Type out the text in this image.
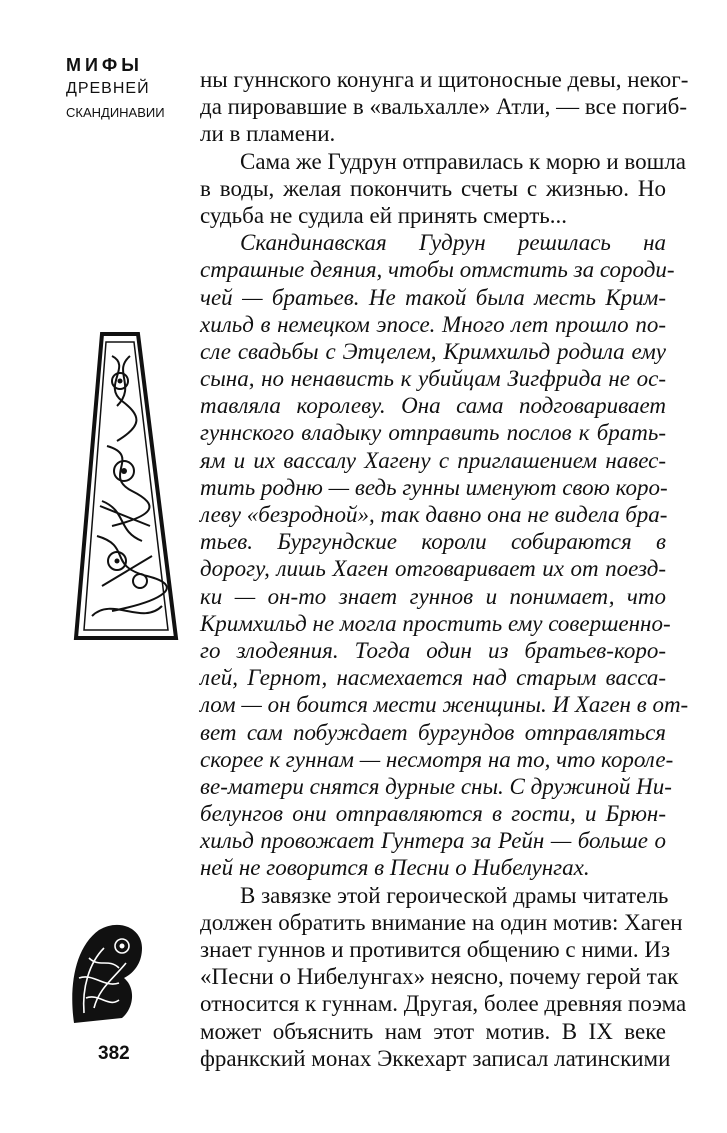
МИФЫ
ДРЕВНЕЙ
СКАНДИНАВИИ
ны гуннского конунга и щитоносные девы, неког-
да пировавшие в «вальхалле» Атли, — все погиб-
ли в пламени.
Сама же Гудрун отправилась к морю и вошла
в воды, желая покончить счеты с жизнью. Но
судьба не судила ей принять смерть...
Скандинавская Гудрун решилась на
страшные деяния, чтобы отмстить за сороди-
чей — братьев. Не такой была месть Крим-
хильд в немецком эпосе. Много лет прошло по-
сле свадьбы с Этцелем, Кримхильд родила ему
сына, но ненависть к убийцам Зигфрида не ос-
тавляла королеву. Она сама подговаривает
гуннского владыку отправить послов к брать-
ям и их вассалу Хагену с приглашением навес-
тить родню — ведь гунны именуют свою коро-
леву «безродной», так давно она не видела бра-
тьев. Бургундские короли собираются в
дорогу, лишь Хаген отговаривает их от поезд-
ки — он-то знает гуннов и понимает, что
Кримхильд не могла простить ему совершенно-
го злодеяния. Тогда один из братьев-коро-
лей, Гернот, насмехается над старым васса-
лом — он боится мести женщины. И Хаген в от-
вет сам побуждает бургундов отправляться
скорее к гуннам — несмотря на то, что короле-
ве-матери снятся дурные сны. С дружиной Ни-
белунгов они отправляются в гости, и Брюн-
хильд провожает Гунтера за Рейн — больше о
ней не говорится в Песни о Нибелунгах.
В завязке этой героической драмы читатель
должен обратить внимание на один мотив: Хаген
знает гуннов и противится общению с ними. Из
«Песни о Нибелунгах» неясно, почему герой так
относится к гуннам. Другая, более древняя поэма
может объяснить нам этот мотив. В IX веке
франкский монах Эккехарт записал латинскими
382
